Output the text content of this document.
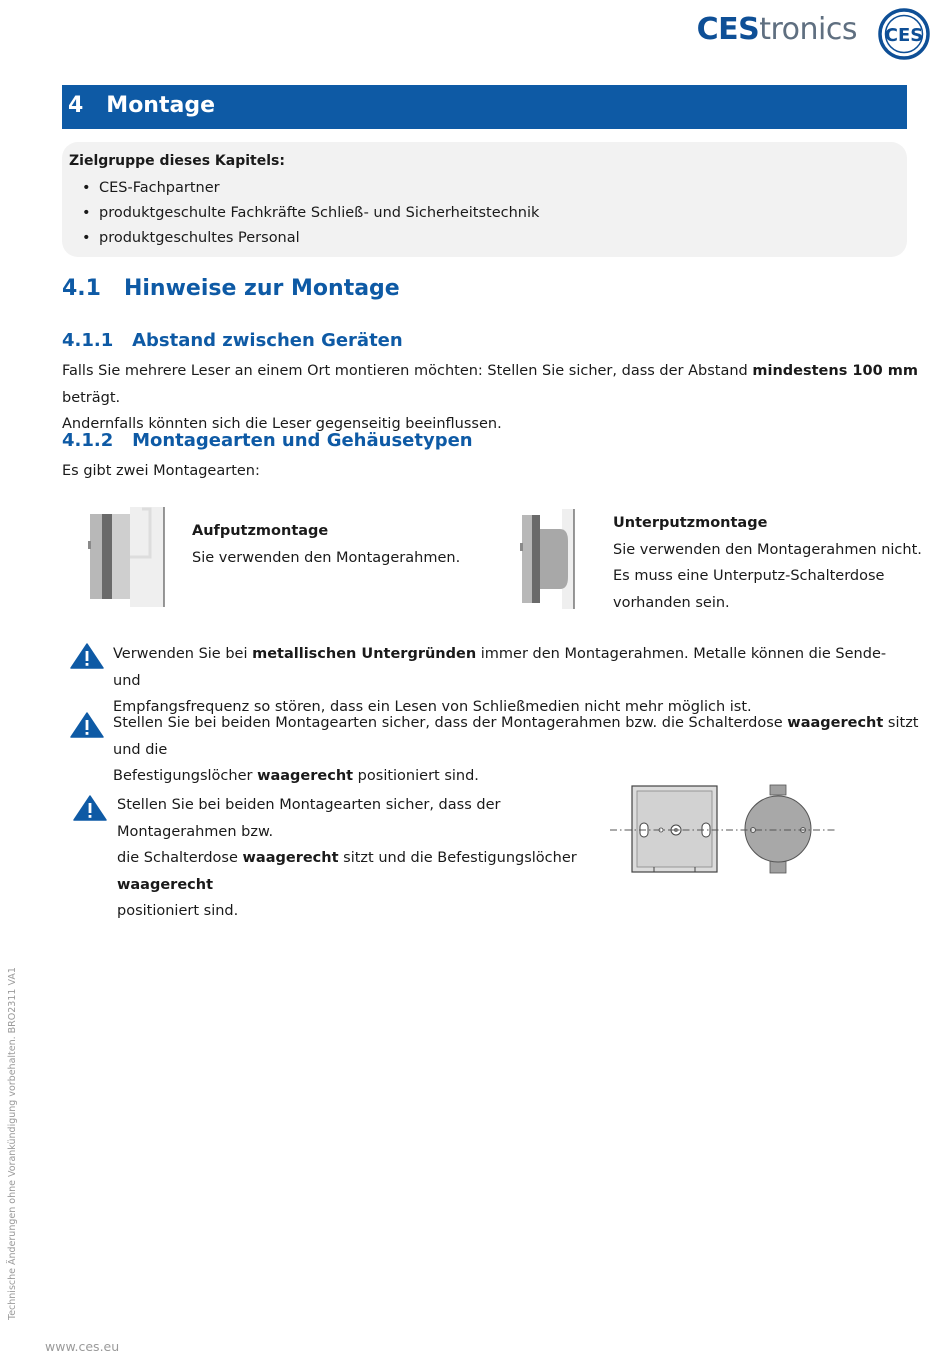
CEStronics CES
4 Montage
Zielgruppe dieses Kapitels:
• CES-Fachpartner
• produktgeschulte Fachkräfte Schließ- und Sicherheitstechnik
• produktgeschultes Personal
4.1 Hinweise zur Montage
4.1.1 Abstand zwischen Geräten
Falls Sie mehrere Leser an einem Ort montieren möchten: Stellen Sie sicher, dass der Abstand mindestens 100 mm beträgt.
Andernfalls könnten sich die Leser gegenseitig beeinflussen.
4.1.2 Montagearten und Gehäusetypen
Es gibt zwei Montagearten:
Aufputzmontage
Sie verwenden den Montagerahmen.
Unterputzmontage
Sie verwenden den Montagerahmen nicht.
Es muss eine Unterputz-Schalterdose
vorhanden sein.
Verwenden Sie bei metallischen Untergründen immer den Montagerahmen. Metalle können die Sende- und
Empfangsfrequenz so stören, dass ein Lesen von Schließmedien nicht mehr möglich ist.
Stellen Sie bei beiden Montagearten sicher, dass der Montagerahmen bzw. die Schalterdose waagerecht sitzt und die
Befestigungslöcher waagerecht positioniert sind.
Stellen Sie bei beiden Montagearten sicher, dass der Montagerahmen bzw.
die Schalterdose waagerecht sitzt und die Befestigungslöcher waagerecht
positioniert sind.
Technische Änderungen ohne Vorankündigung vorbehalten. BRO2311 VA1
www.ces.eu
